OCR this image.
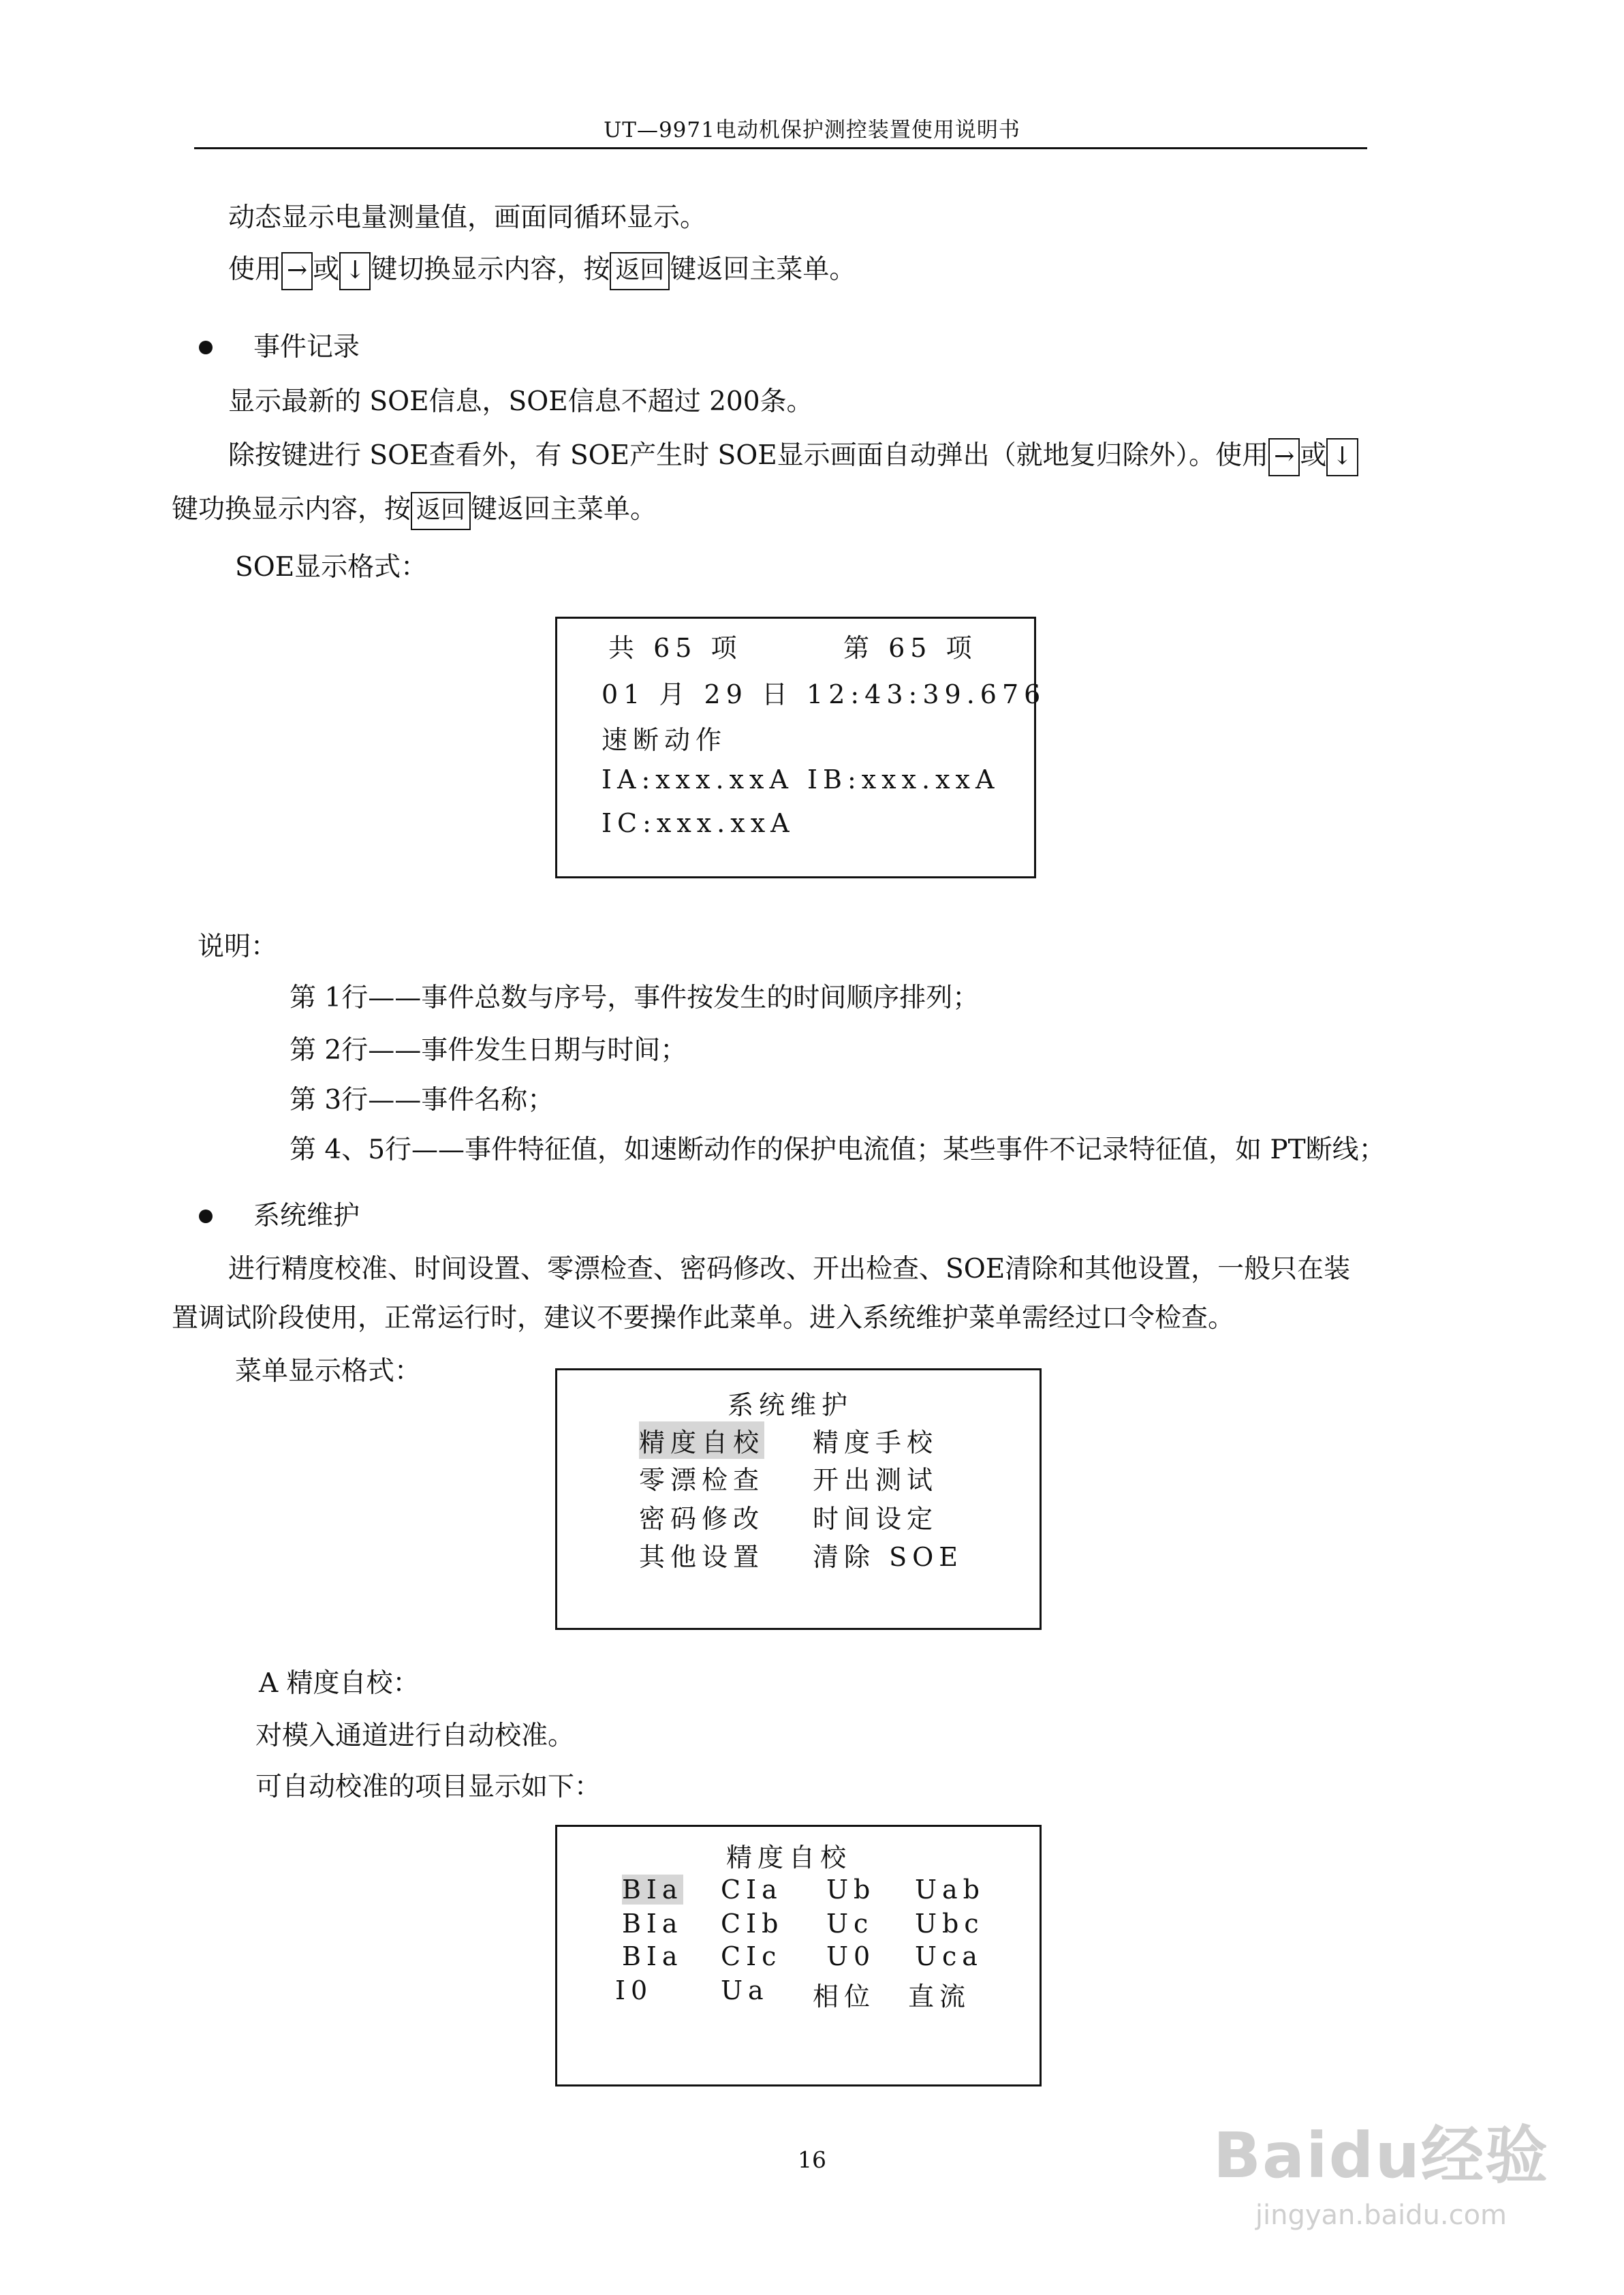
UT—9971电动机保护测控装置使用说明书
动态显示电量测量值，画面同循环显示。
使用 → 或 ↓ 键切换显示内容，按 返回 键返回主菜单。
事件记录
显示最新的 SOE信息，SOE信息不超过 200条。
除按键进行 SOE查看外，有 SOE产生时 SOE显示画面自动弹出（就地复归除外）。使用 → 或 ↓
键功换显示内容，按 返回 键返回主菜单。
SOE显示格式：
共 65 项	第 65 项
01 月 29 日 12:43:39.676
速断动作
IA:xxx.xxA IB:xxx.xxA
IC:xxx.xxA
说明：
第 1行——事件总数与序号，事件按发生的时间顺序排列；
第 2行——事件发生日期与时间；
第 3行——事件名称；
第 4、5行——事件特征值，如速断动作的保护电流值；某些事件不记录特征值，如 PT断线；
系统维护
进行精度校准、时间设置、零漂检查、密码修改、开出检查、SOE清除和其他设置，一般只在装
置调试阶段使用，正常运行时，建议不要操作此菜单。进入系统维护菜单需经过口令检查。
菜单显示格式：
系统维护
精度自校 精度手校
零漂检查 开出测试
密码修改 时间设定
其他设置 清除 SOE
A 精度自校：
对模入通道进行自动校准。
可自动校准的项目显示如下：
精度自校
BIa CIa Ub Uab
BIa CIb Uc Ubc
BIa CIc U0 Uca
I0	Ua 相位 直流
16	Baidu经验
jingyan.baidu.com
